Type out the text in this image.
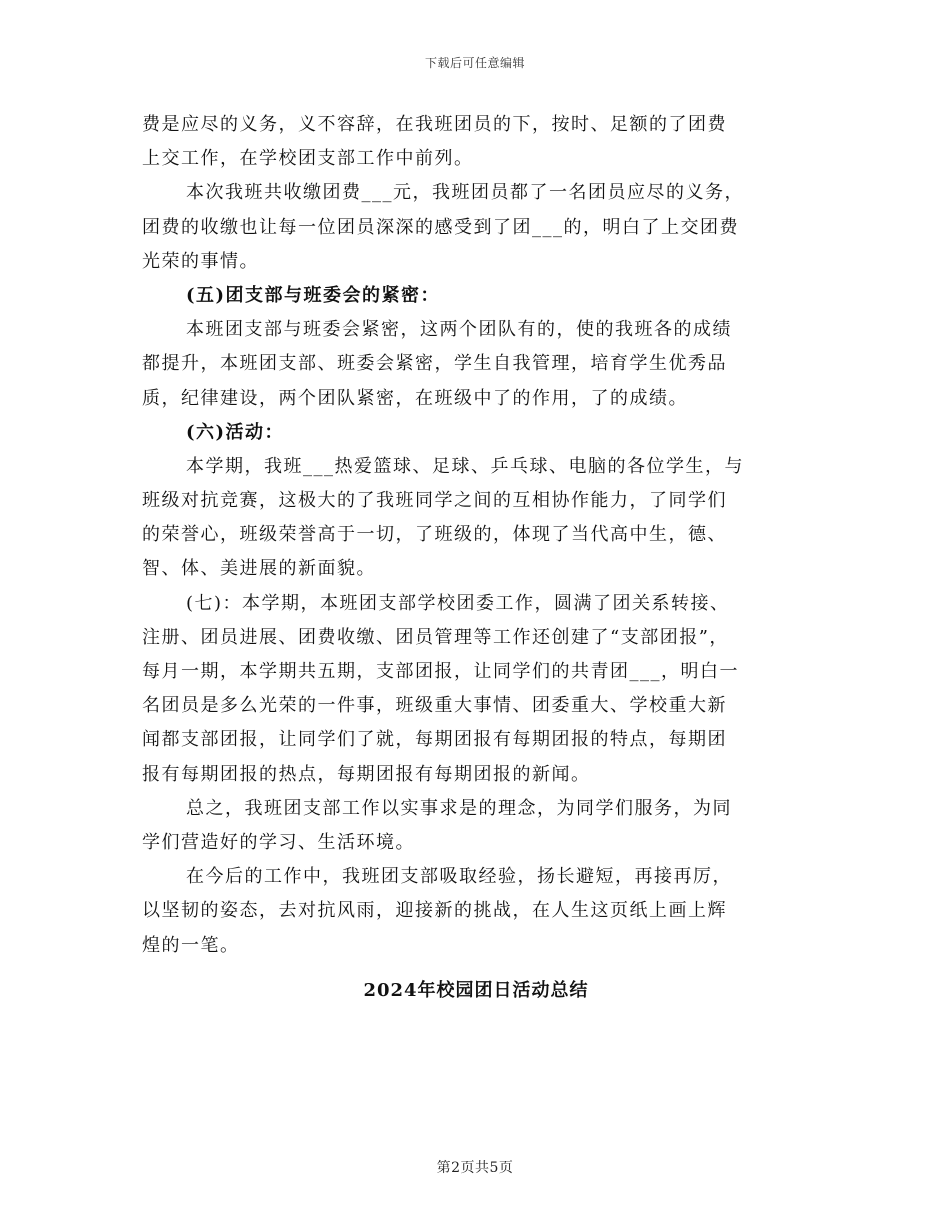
下载后可任意编辑
费是应尽的义务，义不容辞，在我班团员的下，按时、足额的了团费
上交工作，在学校团支部工作中前列。
本次我班共收缴团费___元，我班团员都了一名团员应尽的义务，
团费的收缴也让每一位团员深深的感受到了团___的，明白了上交团费
光荣的事情。
(五)团支部与班委会的紧密：
本班团支部与班委会紧密，这两个团队有的，使的我班各的成绩
都提升，本班团支部、班委会紧密，学生自我管理，培育学生优秀品
质，纪律建设，两个团队紧密，在班级中了的作用，了的成绩。
(六)活动：
本学期，我班___热爱篮球、足球、乒乓球、电脑的各位学生，与
班级对抗竞赛，这极大的了我班同学之间的互相协作能力，了同学们
的荣誉心，班级荣誉高于一切，了班级的，体现了当代高中生，德、
智、体、美进展的新面貌。
(七)：本学期，本班团支部学校团委工作，圆满了团关系转接、
注册、团员进展、团费收缴、团员管理等工作还创建了“支部团报”，
每月一期，本学期共五期，支部团报，让同学们的共青团___，明白一
名团员是多么光荣的一件事，班级重大事情、团委重大、学校重大新
闻都支部团报，让同学们了就，每期团报有每期团报的特点，每期团
报有每期团报的热点，每期团报有每期团报的新闻。
总之，我班团支部工作以实事求是的理念，为同学们服务，为同
学们营造好的学习、生活环境。
在今后的工作中，我班团支部吸取经验，扬长避短，再接再厉，
以坚韧的姿态，去对抗风雨，迎接新的挑战，在人生这页纸上画上辉
煌的一笔。
2024年校园团日活动总结
第2页共5页
